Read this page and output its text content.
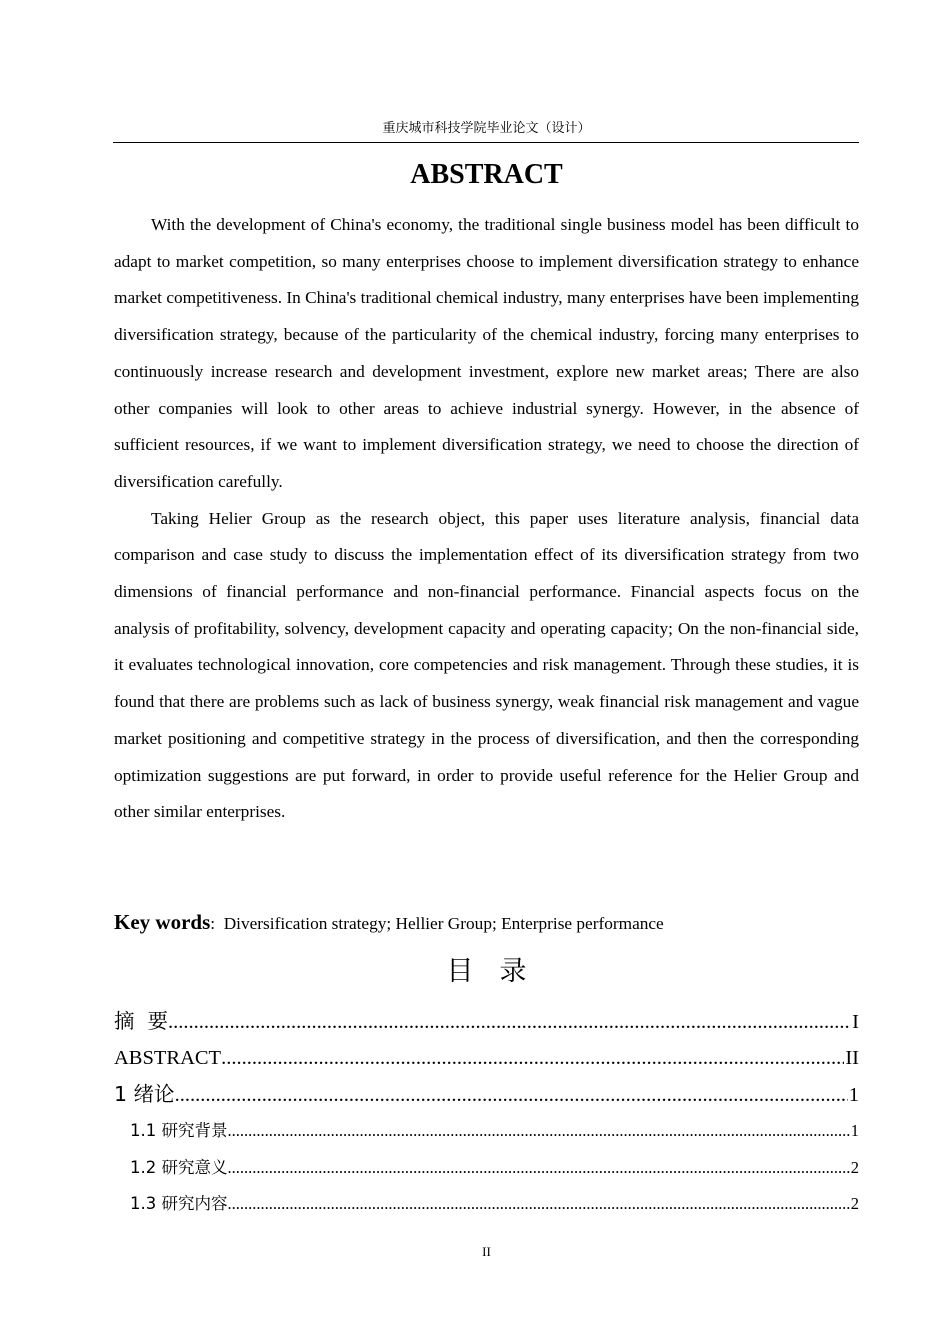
重庆城市科技学院毕业论文（设计）
ABSTRACT

With the development of China's economy, the traditional single business model has been difficult to adapt to market competition, so many enterprises choose to implement diversification strategy to enhance market competitiveness. In China's traditional chemical industry, many enterprises have been implementing diversification strategy, because of the particularity of the chemical industry, forcing many enterprises to continuously increase research and development investment, explore new market areas; There are also other companies will look to other areas to achieve industrial synergy. However, in the absence of sufficient resources, if we want to implement diversification strategy, we need to choose the direction of diversification carefully.

Taking Helier Group as the research object, this paper uses literature analysis, financial data comparison and case study to discuss the implementation effect of its diversification strategy from two dimensions of financial performance and non-financial performance. Financial aspects focus on the analysis of profitability, solvency, development capacity and operating capacity; On the non-financial side, it evaluates technological innovation, core competencies and risk management. Through these studies, it is found that there are problems such as lack of business synergy, weak financial risk management and vague market positioning and competitive strategy in the process of diversification, and then the corresponding optimization suggestions are put forward, in order to provide useful reference for the Helier Group and other similar enterprises.

Key words: Diversification strategy; Hellier Group; Enterprise performance
目录
摘  要 .....	I
ABSTRACT .....	II
1 绪论 .....	1
1.1 研究背景 .....	1
1.2 研究意义 .....	2
1.3 研究内容 .....	2
II
